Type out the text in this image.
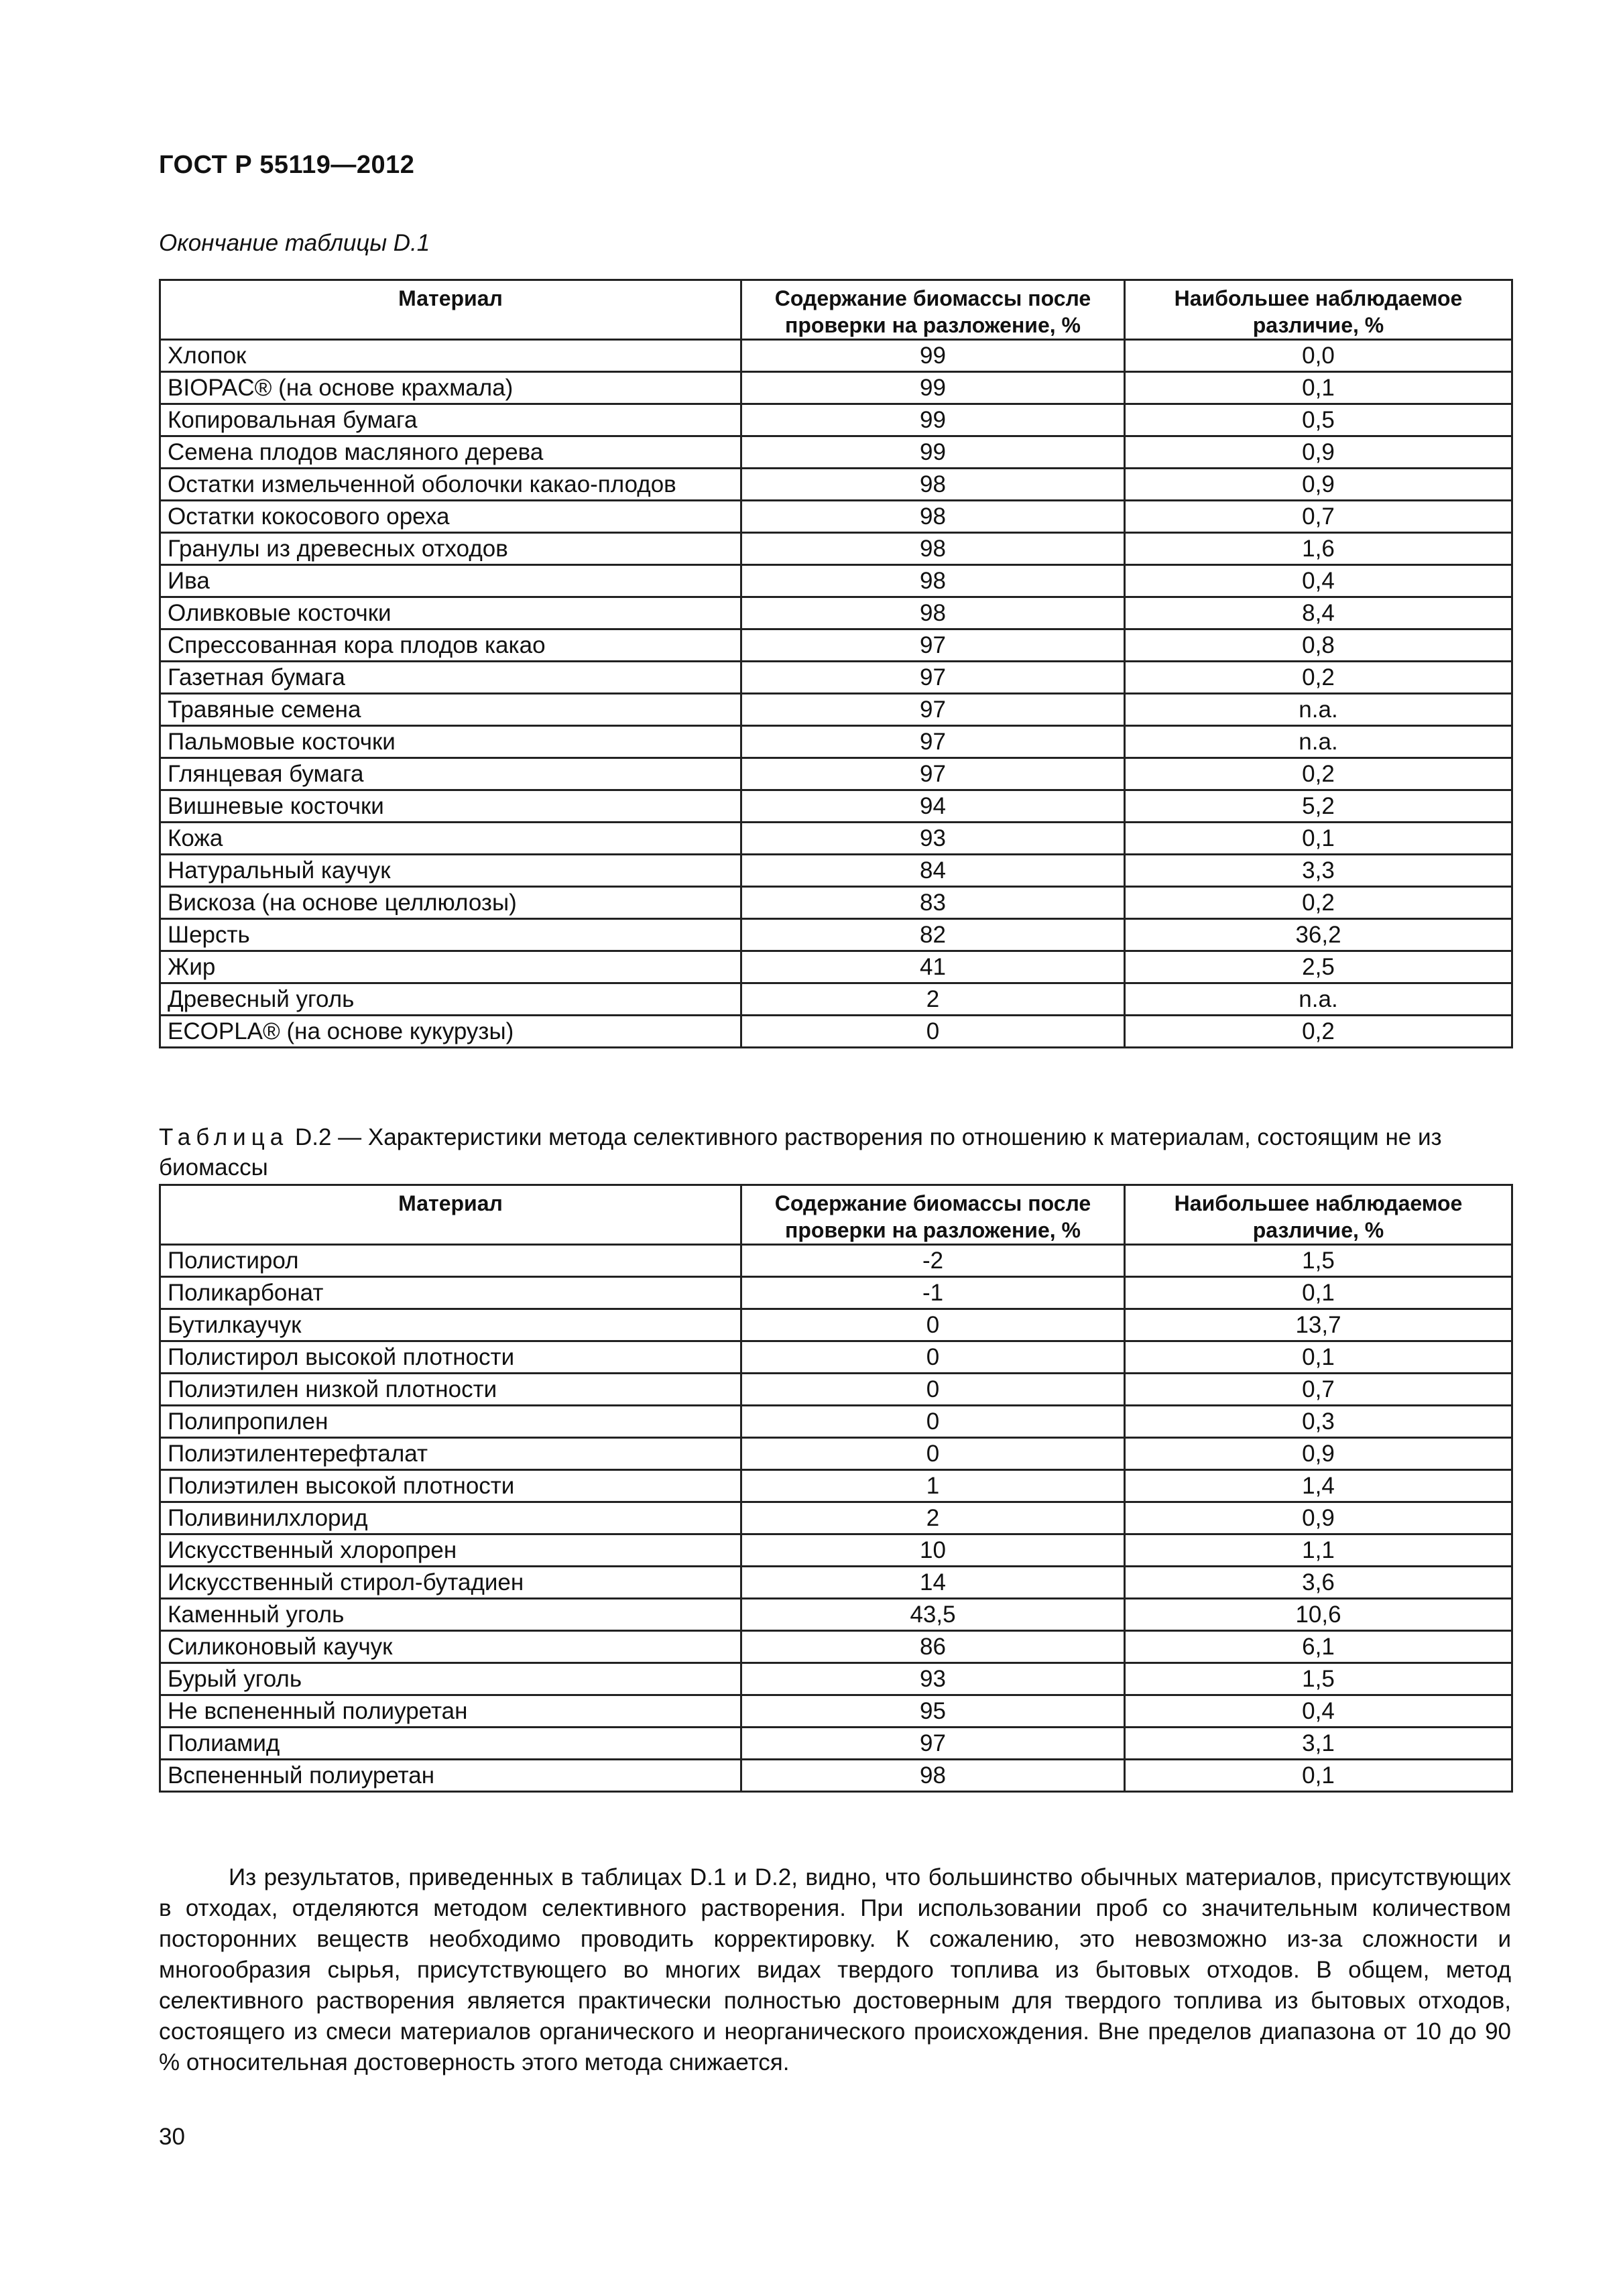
ГОСТ Р 55119—2012
Окончание таблицы D.1
Материал	Содержание биомассы после проверки на разложение, %	Наибольшее наблюдаемое различие, %
Хлопок	99	0,0
BIOPAC® (на основе крахмала)	99	0,1
Копировальная бумага	99	0,5
Семена плодов масляного дерева	99	0,9
Остатки измельченной оболочки какао-плодов	98	0,9
Остатки кокосового ореха	98	0,7
Гранулы из древесных отходов	98	1,6
Ива	98	0,4
Оливковые косточки	98	8,4
Спрессованная кора плодов какао	97	0,8
Газетная бумага	97	0,2
Травяные семена	97	n.a.
Пальмовые косточки	97	n.a.
Глянцевая бумага	97	0,2
Вишневые косточки	94	5,2
Кожа	93	0,1
Натуральный каучук	84	3,3
Вискоза (на основе целлюлозы)	83	0,2
Шерсть	82	36,2
Жир	41	2,5
Древесный уголь	2	n.a.
ECOPLA® (на основе кукурузы)	0	0,2
Таблица D.2 — Характеристики метода селективного растворения по отношению к материалам, состоящим не из биомассы
Материал	Содержание биомассы после проверки на разложение, %	Наибольшее наблюдаемое различие, %
Полистирол	-2	1,5
Поликарбонат	-1	0,1
Бутилкаучук	0	13,7
Полистирол высокой плотности	0	0,1
Полиэтилен низкой плотности	0	0,7
Полипропилен	0	0,3
Полиэтилентерефталат	0	0,9
Полиэтилен высокой плотности	1	1,4
Поливинилхлорид	2	0,9
Искусственный хлоропрен	10	1,1
Искусственный стирол-бутадиен	14	3,6
Каменный уголь	43,5	10,6
Силиконовый каучук	86	6,1
Бурый уголь	93	1,5
Не вспененный полиуретан	95	0,4
Полиамид	97	3,1
Вспененный полиуретан	98	0,1
Из результатов, приведенных в таблицах D.1 и D.2, видно, что большинство обычных материалов, присутствующих в отходах, отделяются методом селективного растворения. При использовании проб со значительным количеством посторонних веществ необходимо проводить корректировку. К сожалению, это невозможно из-за сложности и многообразия сырья, присутствующего во многих видах твердого топлива из бытовых отходов. В общем, метод селективного растворения является практически полностью достоверным для твердого топлива из бытовых отходов, состоящего из смеси материалов органического и неорганического происхождения. Вне пределов диапазона от 10 до 90 % относительная достоверность этого метода снижается.
30
